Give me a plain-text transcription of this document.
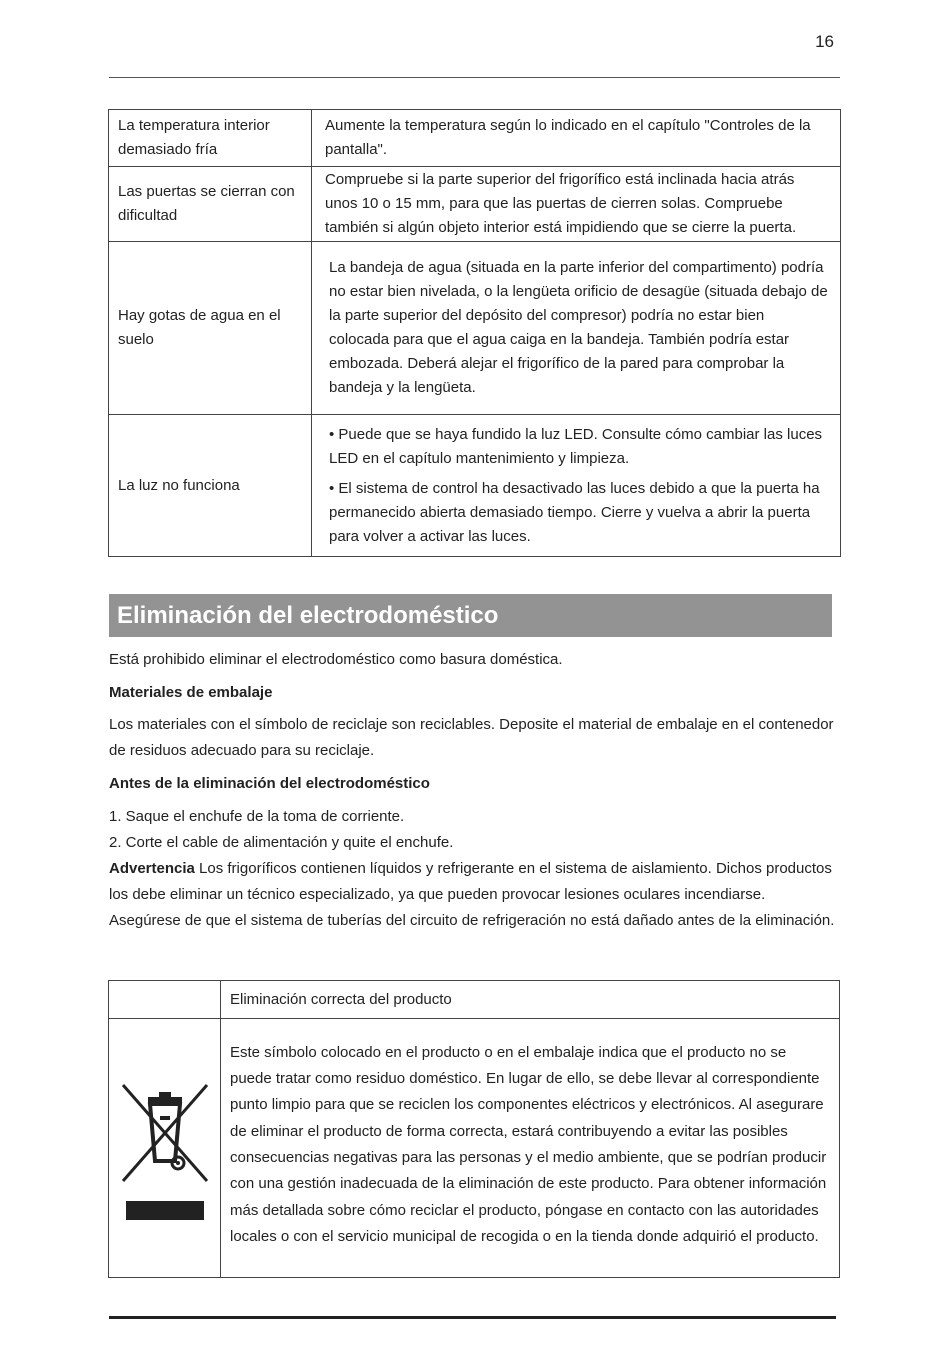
16
La temperatura interior demasiado fría	Aumente la temperatura según lo indicado en el capítulo "Controles de la pantalla".
Las puertas se cierran con dificultad	Compruebe si la parte superior del frigorífico está inclinada hacia atrás unos 10 o 15 mm, para que las puertas de cierren solas. Compruebe también si algún objeto interior está impidiendo que se cierre la puerta.
Hay gotas de agua en el suelo	La bandeja de agua (situada en la parte inferior del compartimento) podría no estar bien nivelada, o la lengüeta orificio de desagüe (situada debajo de la parte superior del depósito del compresor) podría no estar bien colocada para que el agua caiga en la bandeja. También podría estar embozada. Deberá alejar el frigorífico de la pared para comprobar la bandeja y la lengüeta.
La luz no funciona	• Puede que se haya fundido la luz LED. Consulte cómo cambiar las luces LED en el capítulo mantenimiento y limpieza.

• El sistema de control ha desactivado las luces debido a que la puerta ha permanecido abierta demasiado tiempo. Cierre y vuelva a abrir la puerta para volver a activar las luces.

Eliminación del electrodoméstico
Está prohibido eliminar el electrodoméstico como basura doméstica.
Materiales de embalaje
Los materiales con el símbolo de reciclaje son reciclables. Deposite el material de embalaje en el contenedor de residuos adecuado para su reciclaje.
Antes de la eliminación del electrodoméstico

1. Saque el enchufe de la toma de corriente.

2. Corte el cable de alimentación y quite el enchufe.

Advertencia Los frigoríficos contienen líquidos y refrigerante en el sistema de aislamiento. Dichos productos los debe eliminar un técnico especializado, ya que pueden provocar lesiones oculares incendiarse. Asegúrese de que el sistema de tuberías del circuito de refrigeración no está dañado antes de la eliminación.

	Eliminación correcta del producto

	Este símbolo colocado en el producto o en el embalaje indica que el producto no se puede tratar como residuo doméstico. En lugar de ello, se debe llevar al correspondiente punto limpio para que se reciclen los componentes eléctricos y electrónicos. Al asegurare de eliminar el producto de forma correcta, estará contribuyendo a evitar las posibles consecuencias negativas para las personas y el medio ambiente, que se podrían producir con una gestión inadecuada de la eliminación de este producto. Para obtener información más detallada sobre cómo reciclar el producto, póngase en contacto con las autoridades locales o con el servicio municipal de recogida o en la tienda donde adquirió el producto.
